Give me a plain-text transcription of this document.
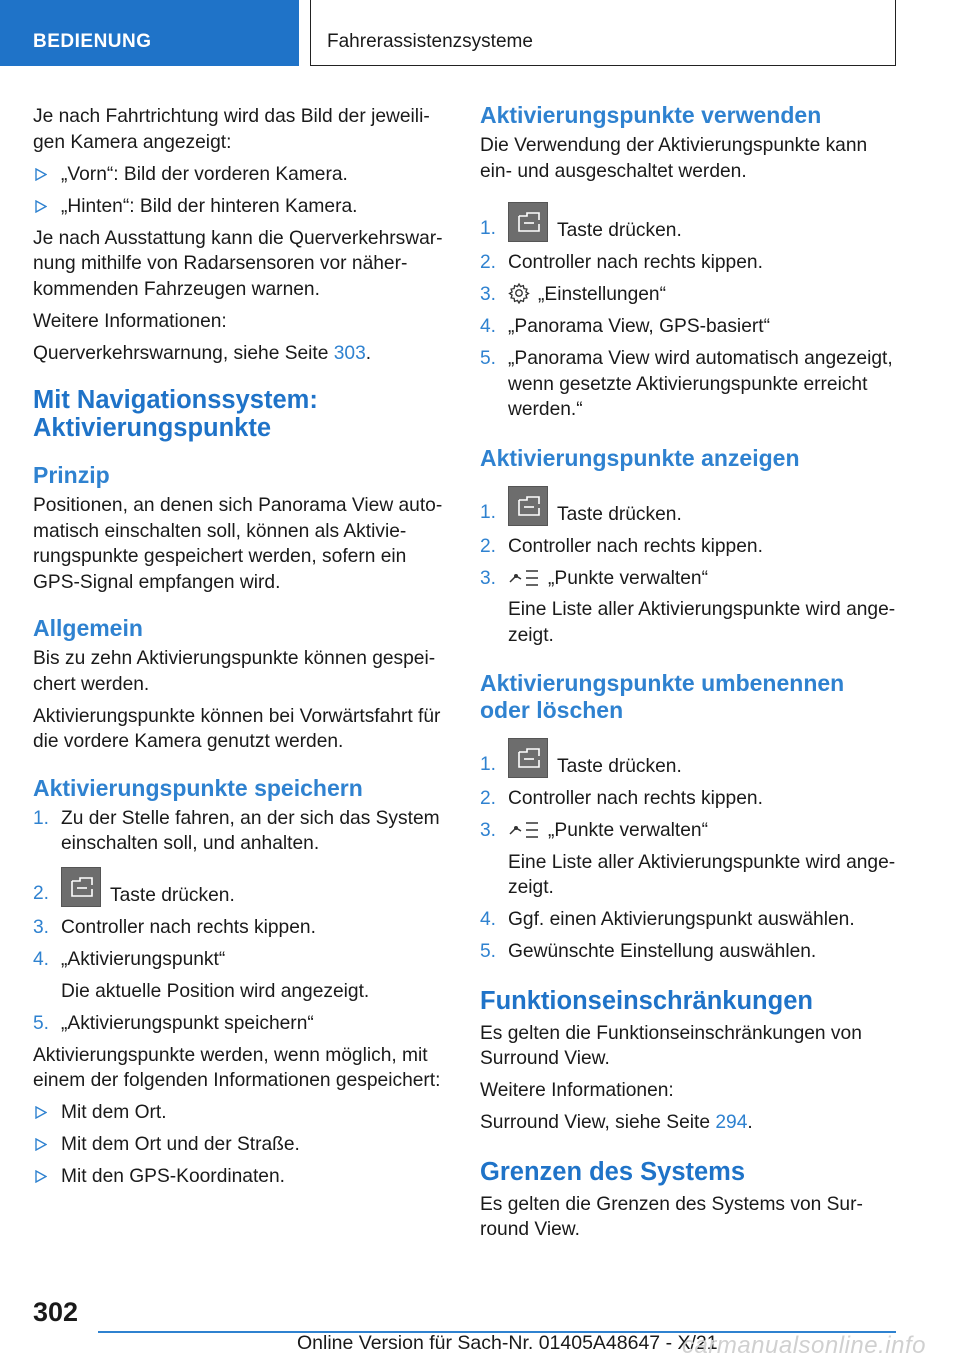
BEDIENUNG	Fahrerassistenzsysteme

Je nach Fahrtrichtung wird das Bild der jeweili-gen Kamera angezeigt:

„Vorn“: Bild der vorderen Kamera.
„Hinten“: Bild der hinteren Kamera.

Je nach Ausstattung kann die Querverkehrswar-nung mithilfe von Radarsensoren vor näher-kommenden Fahrzeugen warnen.

Weitere Informationen:

Querverkehrswarnung, siehe Seite 303.

Mit Navigationssystem: Aktivierungspunkte
Prinzip

Positionen, an denen sich Panorama View auto-matisch einschalten soll, können als Aktivie-rungspunkte gespeichert werden, sofern ein GPS-Signal empfangen wird.

Allgemein

Bis zu zehn Aktivierungspunkte können gespei-chert werden.

Aktivierungspunkte können bei Vorwärtsfahrt für die vordere Kamera genutzt werden.

Aktivierungspunkte speichern
1. Zu der Stelle fahren, an der sich das System einschalten soll, und anhalten.
2.	Taste drücken.
3. Controller nach rechts kippen.
4. „Aktivierungspunkt“
Die aktuelle Position wird angezeigt.
5. „Aktivierungspunkt speichern“

Aktivierungspunkte werden, wenn möglich, mit einem der folgenden Informationen gespeichert:

Mit dem Ort.
Mit dem Ort und der Straße.
Mit den GPS-Koordinaten.
Aktivierungspunkte verwenden

Die Verwendung der Aktivierungspunkte kann ein- und ausgeschaltet werden.

1.	Taste drücken.
2. Controller nach rechts kippen.
3. „Einstellungen“
4. „Panorama View, GPS-basiert“
5. „Panorama View wird automatisch angezeigt, wenn gesetzte Aktivierungspunkte erreicht werden.“
Aktivierungspunkte anzeigen
1.	Taste drücken.
2. Controller nach rechts kippen.
3.	„Punkte verwalten“
Eine Liste aller Aktivierungspunkte wird ange-zeigt.
Aktivierungspunkte umbenennen oder löschen
1.	Taste drücken.
2. Controller nach rechts kippen.
3.	„Punkte verwalten“
Eine Liste aller Aktivierungspunkte wird ange-zeigt.
4. Ggf. einen Aktivierungspunkt auswählen.
5. Gewünschte Einstellung auswählen.
Funktionseinschränkungen

Es gelten die Funktionseinschränkungen von Surround View.

Weitere Informationen:

Surround View, siehe Seite 294.

Grenzen des Systems

Es gelten die Grenzen des Systems von Sur-round View.

302
Online Version für Sach-Nr. 01405A48647 - X/21
carmanualsonline.info
